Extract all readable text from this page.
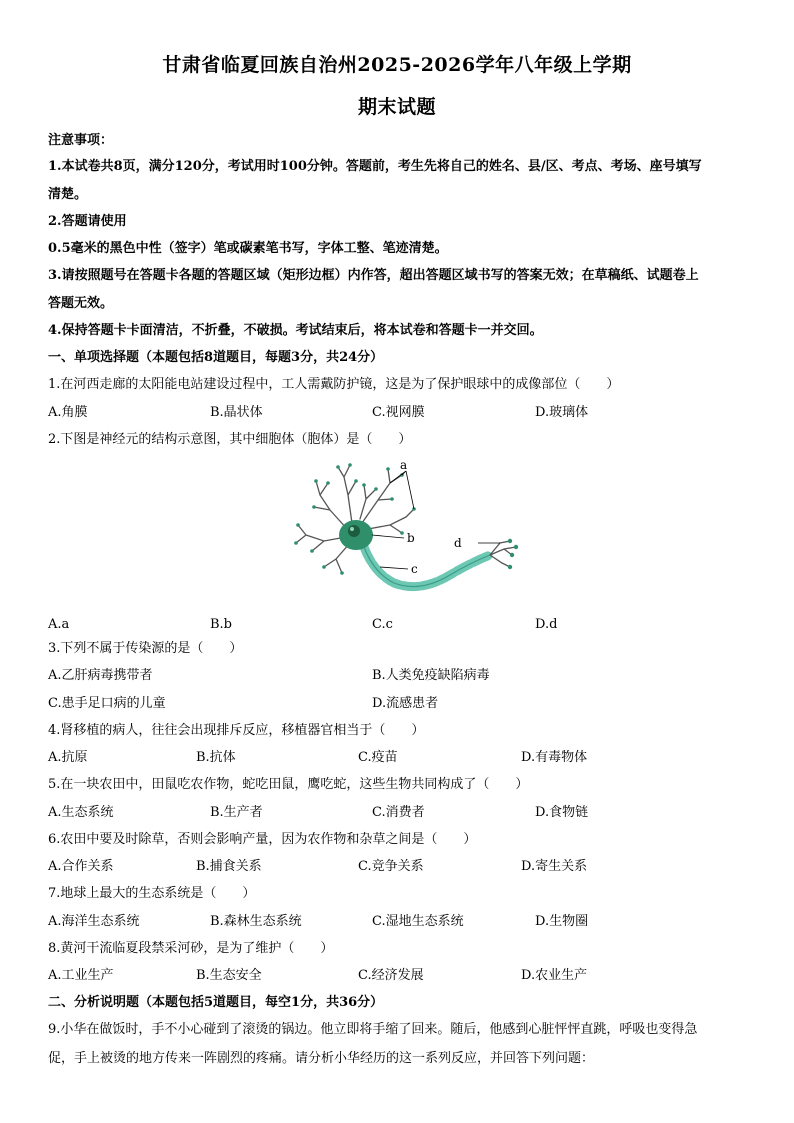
甘肃省临夏回族自治州2025-2026学年八年级上学期
期末试题
注意事项：
1.本试卷共8页，满分120分，考试用时100分钟。答题前，考生先将自己的姓名、县/区、考点、考场、座号填写
清楚。
2.答题请使用
0.5毫米的黑色中性（签字）笔或碳素笔书写，字体工整、笔迹清楚。
3.请按照题号在答题卡各题的答题区域（矩形边框）内作答，超出答题区域书写的答案无效；在草稿纸、试题卷上
答题无效。
4.保持答题卡卡面清洁，不折叠，不破损。考试结束后，将本试卷和答题卡一并交回。
一、单项选择题（本题包括8道题目，每题3分，共24分）
1.在河西走廊的太阳能电站建设过程中，工人需戴防护镜，这是为了保护眼球中的成像部位（　　）
A.角膜	B.晶状体	C.视网膜	D.玻璃体
2.下图是神经元的结构示意图，其中细胞体（胞体）是（　　）
a
b
c
d
A.a	B.b	C.c	D.d
3.下列不属于传染源的是（　　）
A.乙肝病毒携带者	B.人类免疫缺陷病毒
C.患手足口病的儿童	D.流感患者
4.肾移植的病人，往往会出现排斥反应，移植器官相当于（　　）
A.抗原	B.抗体	C.疫苗	D.有毒物体
5.在一块农田中，田鼠吃农作物，蛇吃田鼠，鹰吃蛇，这些生物共同构成了（　　）
A.生态系统	B.生产者	C.消费者	D.食物链
6.农田中要及时除草，否则会影响产量，因为农作物和杂草之间是（　　）
A.合作关系	B.捕食关系	C.竞争关系	D.寄生关系
7.地球上最大的生态系统是（　　）
A.海洋生态系统	B.森林生态系统	C.湿地生态系统	D.生物圈
8.黄河干流临夏段禁采河砂，是为了维护（　　）
A.工业生产	B.生态安全	C.经济发展	D.农业生产
二、分析说明题（本题包括5道题目，每空1分，共36分）
9.小华在做饭时，手不小心碰到了滚烫的锅边。他立即将手缩了回来。随后，他感到心脏怦怦直跳，呼吸也变得急
促，手上被烫的地方传来一阵剧烈的疼痛。请分析小华经历的这一系列反应，并回答下列问题：
